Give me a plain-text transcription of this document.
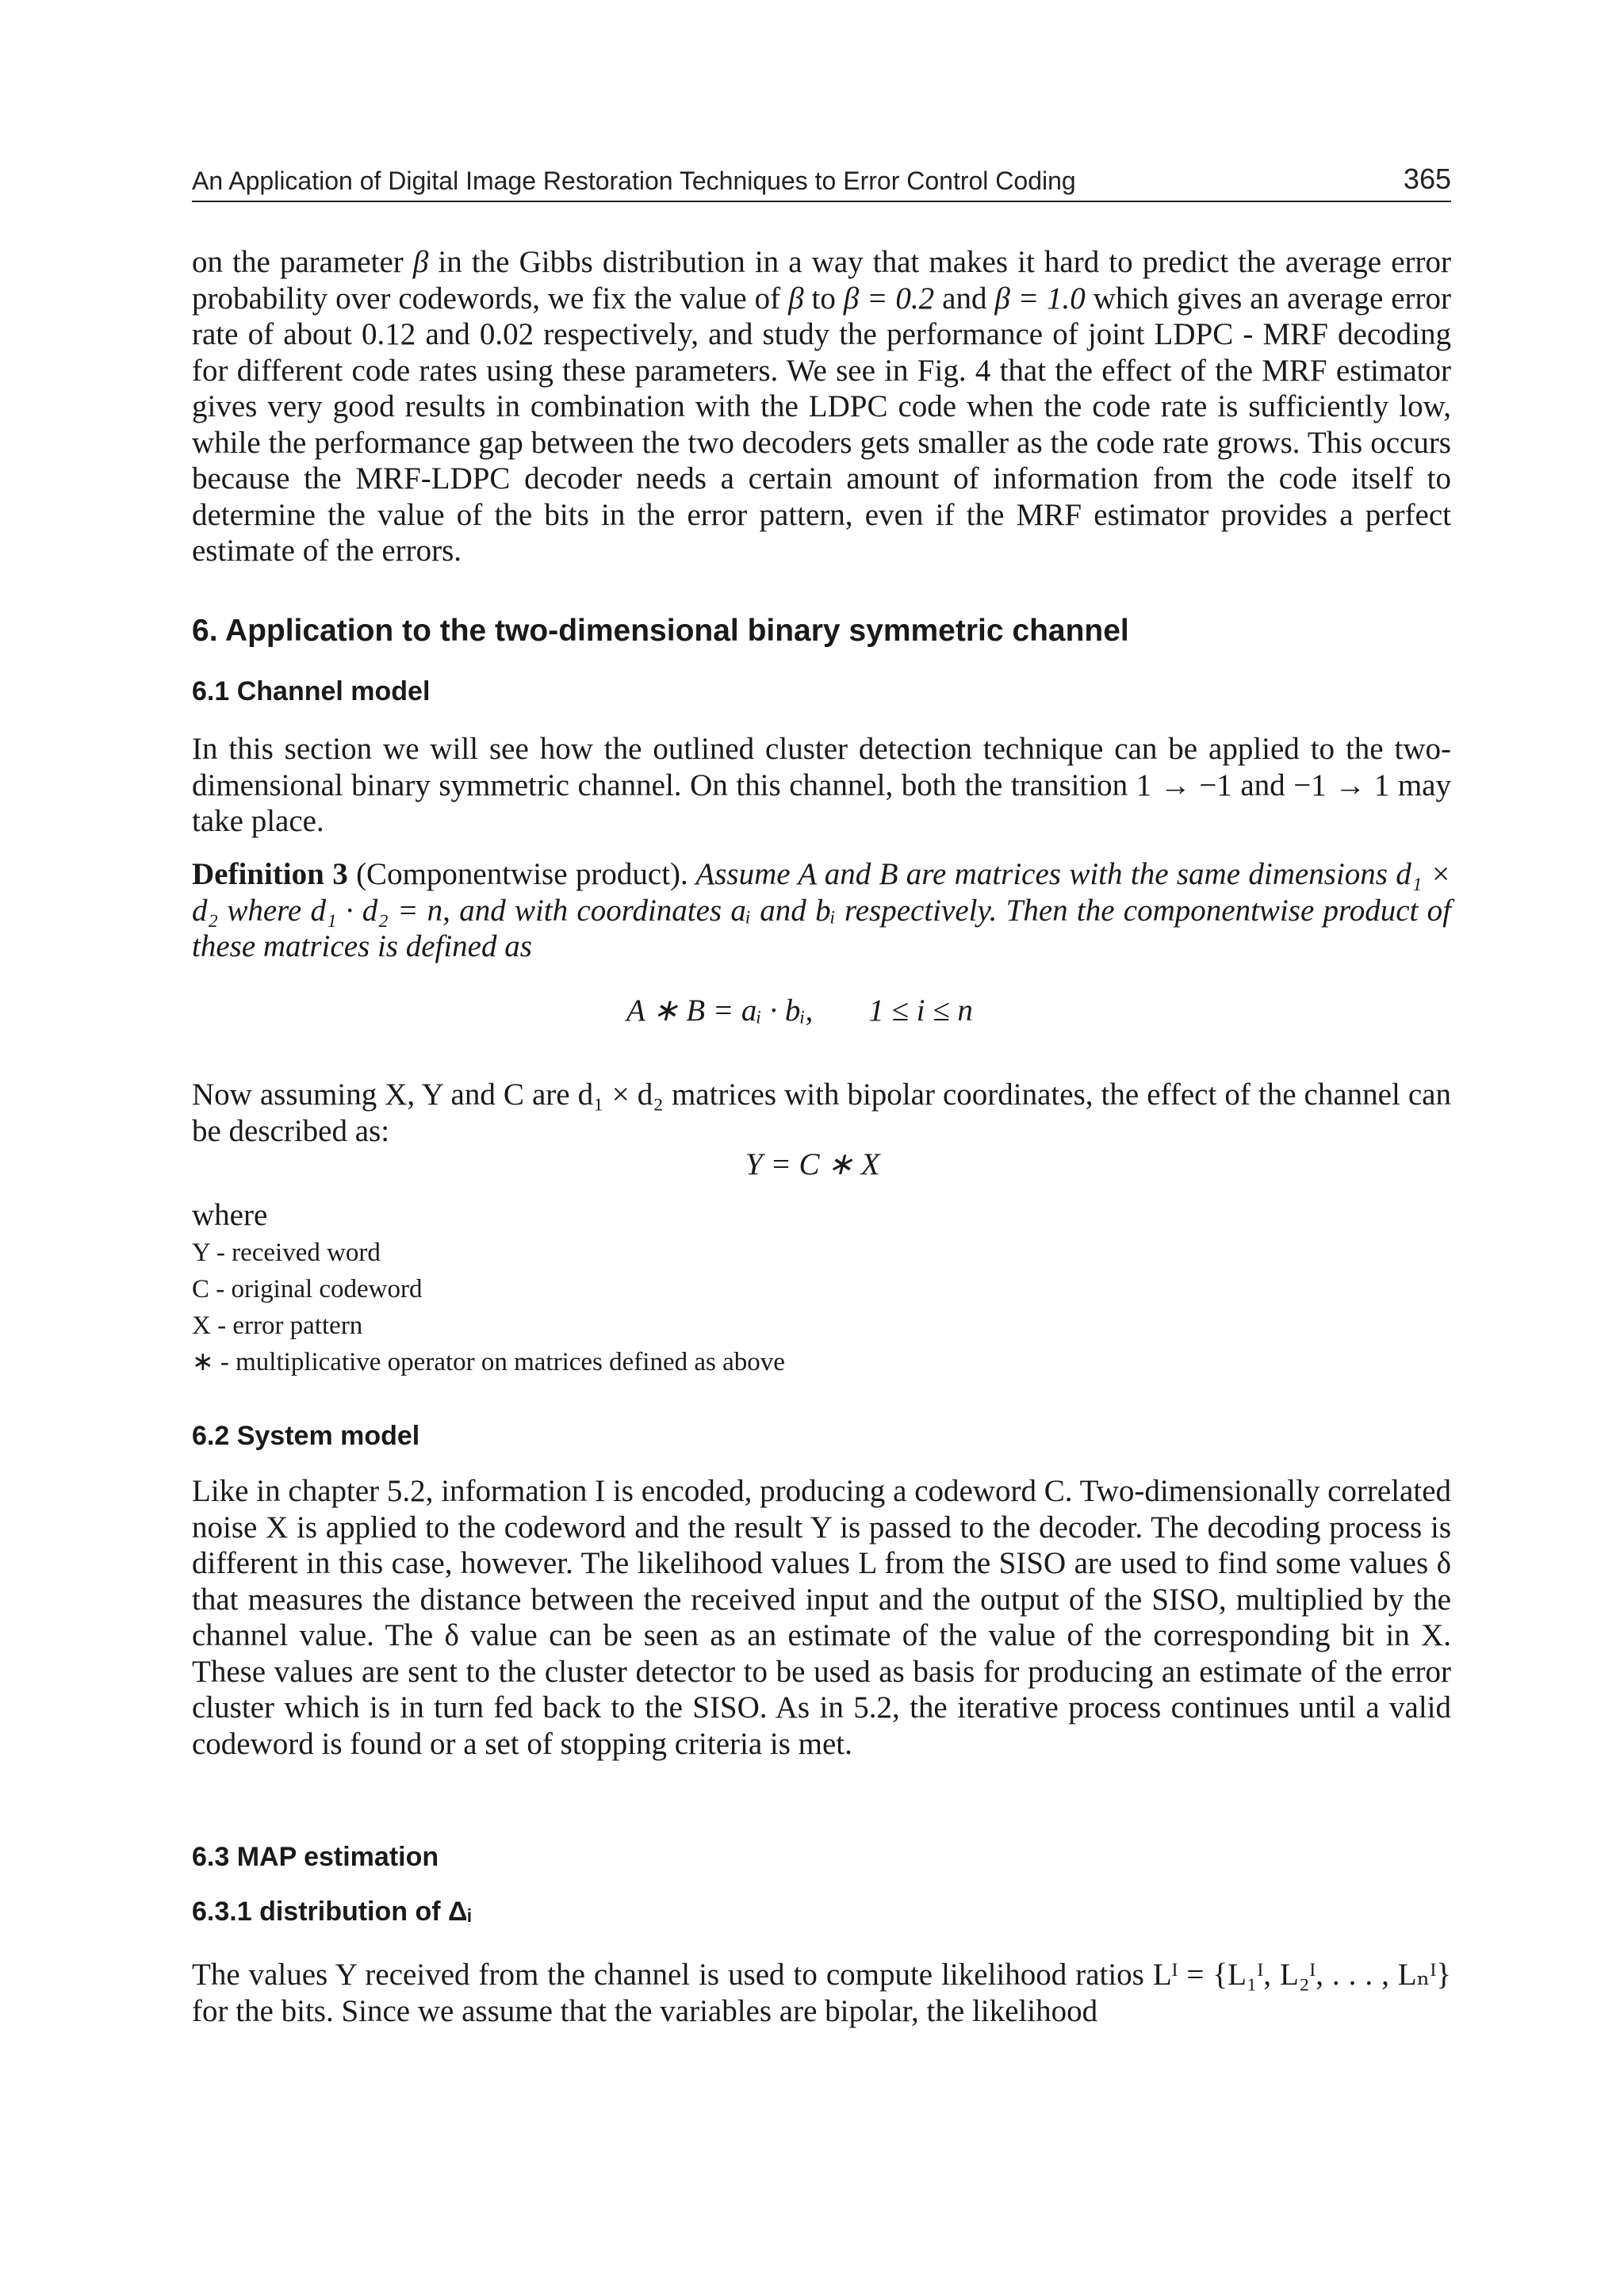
An Application of Digital Image Restoration Techniques to Error Control Coding	365

on the parameter β in the Gibbs distribution in a way that makes it hard to predict the average error probability over codewords, we fix the value of β to β = 0.2 and β = 1.0 which gives an average error rate of about 0.12 and 0.02 respectively, and study the performance of joint LDPC - MRF decoding for different code rates using these parameters. We see in Fig. 4 that the effect of the MRF estimator gives very good results in combination with the LDPC code when the code rate is sufficiently low, while the performance gap between the two decoders gets smaller as the code rate grows. This occurs because the MRF-LDPC decoder needs a certain amount of information from the code itself to determine the value of the bits in the error pattern, even if the MRF estimator provides a perfect estimate of the errors.

6. Application to the two-dimensional binary symmetric channel
6.1 Channel model

In this section we will see how the outlined cluster detection technique can be applied to the two-dimensional binary symmetric channel. On this channel, both the transition 1 → −1 and −1 → 1 may take place.

Definition 3 (Componentwise product). Assume A and B are matrices with the same dimensions d₁ × d₂ where d₁ · d₂ = n, and with coordinates aᵢ and bᵢ respectively. Then the componentwise product of these matrices is defined as

A ∗ B = aᵢ · bᵢ, 1 ≤ i ≤ n

Now assuming X, Y and C are d₁ × d₂ matrices with bipolar coordinates, the effect of the channel can be described as:

Y = C ∗ X

where

Y - received word

C - original codeword

X - error pattern

∗ - multiplicative operator on matrices defined as above

6.2 System model

Like in chapter 5.2, information I is encoded, producing a codeword C. Two-dimensionally correlated noise X is applied to the codeword and the result Y is passed to the decoder. The decoding process is different in this case, however. The likelihood values L from the SISO are used to find some values δ that measures the distance between the received input and the output of the SISO, multiplied by the channel value. The δ value can be seen as an estimate of the value of the corresponding bit in X. These values are sent to the cluster detector to be used as basis for producing an estimate of the error cluster which is in turn fed back to the SISO. As in 5.2, the iterative process continues until a valid codeword is found or a set of stopping criteria is met.

6.3 MAP estimation
6.3.1 distribution of Δᵢ

The values Y received from the channel is used to compute likelihood ratios Lᴵ = {L₁ᴵ, L₂ᴵ, . . . , Lₙᴵ} for the bits. Since we assume that the variables are bipolar, the likelihood
